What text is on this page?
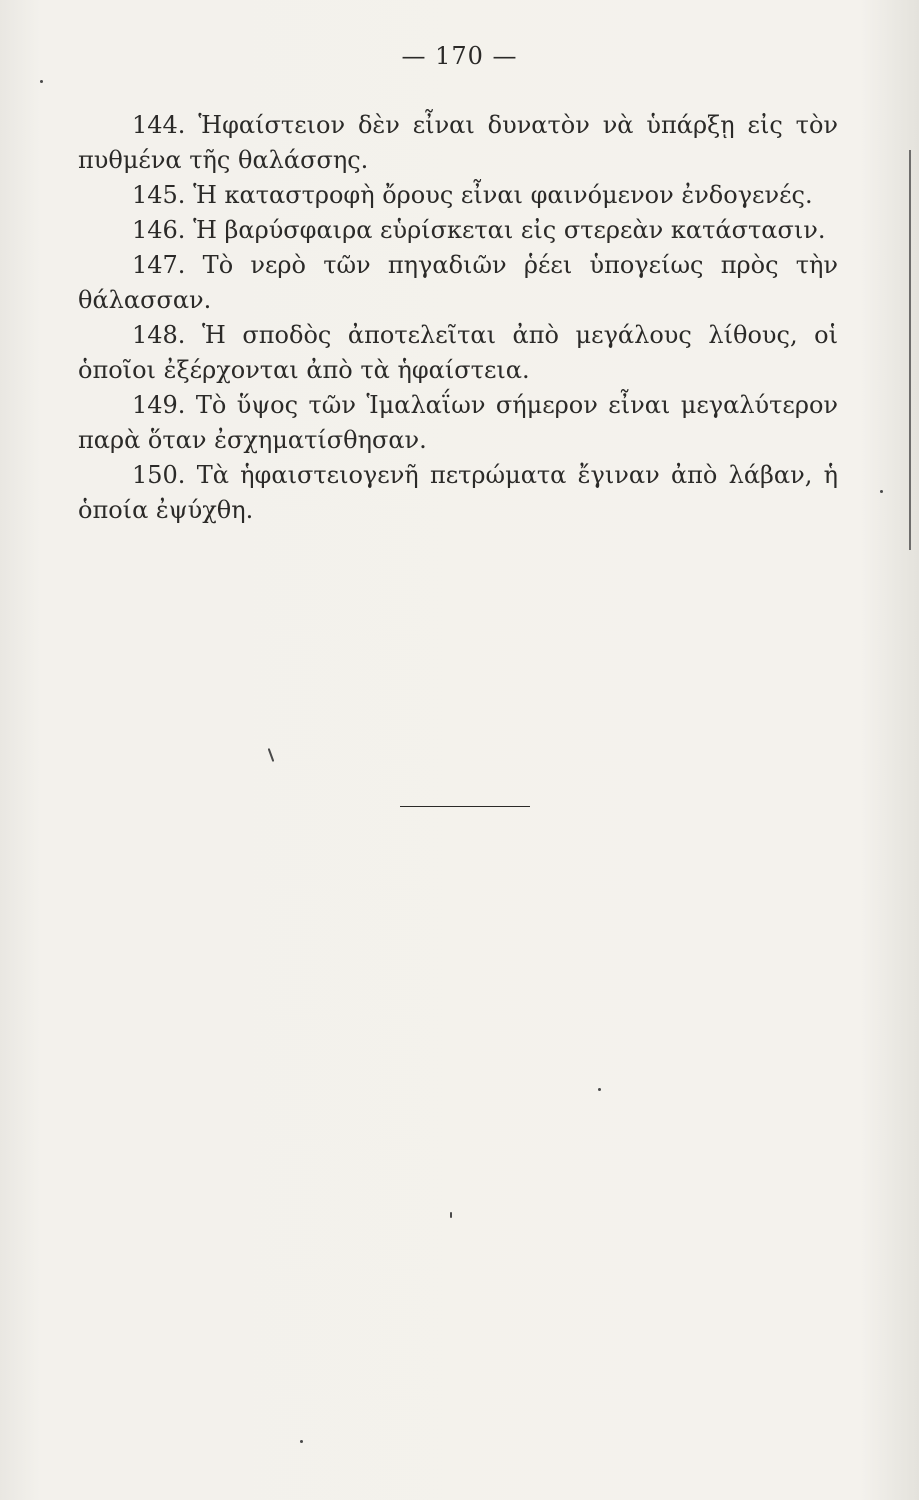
— 170 —

144. Ἡφαίστειον δὲν εἶναι δυνατὸν νὰ ὑπάρξῃ εἰς τὸν πυθμένα τῆς θαλάσσης.

145. Ἡ καταστροφὴ ὄρους εἶναι φαινόμενον ἐνδογενές.

146. Ἡ βαρύσφαιρα εὑρίσκεται εἰς στερεὰν κατάστασιν.

147. Τὸ νερὸ τῶν πηγαδιῶν ῥέει ὑπογείως πρὸς τὴν θάλασσαν.

148. Ἡ σποδὸς ἀποτελεῖται ἀπὸ μεγάλους λίθους, οἱ ὁποῖοι ἐξέρχονται ἀπὸ τὰ ἡφαίστεια.

149. Τὸ ὕψος τῶν Ἱμαλαΐων σήμερον εἶναι μεγαλύτερον παρὰ ὅταν ἐσχηματίσθησαν.

150. Τὰ ἡφαιστειογενῆ πετρώματα ἔγιναν ἀπὸ λάβαν, ἡ ὁποία ἐψύχθη.
